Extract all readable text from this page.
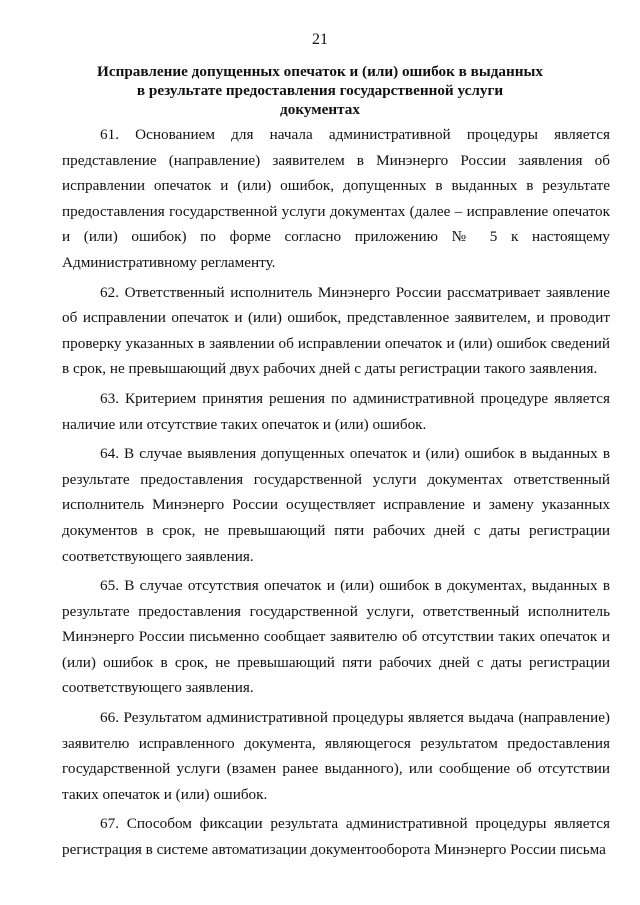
21
Исправление допущенных опечаток и (или) ошибок в выданных в результате предоставления государственной услуги документах

61. Основанием для начала административной процедуры является представление (направление) заявителем в Минэнерго России заявления об исправлении опечаток и (или) ошибок, допущенных в выданных в результате предоставления государственной услуги документах (далее – исправление опечаток и (или) ошибок) по форме согласно приложению № 5 к настоящему Административному регламенту.

62. Ответственный исполнитель Минэнерго России рассматривает заявление об исправлении опечаток и (или) ошибок, представленное заявителем, и проводит проверку указанных в заявлении об исправлении опечаток и (или) ошибок сведений в срок, не превышающий двух рабочих дней с даты регистрации такого заявления.

63. Критерием принятия решения по административной процедуре является наличие или отсутствие таких опечаток и (или) ошибок.

64. В случае выявления допущенных опечаток и (или) ошибок в выданных в результате предоставления государственной услуги документах ответственный исполнитель Минэнерго России осуществляет исправление и замену указанных документов в срок, не превышающий пяти рабочих дней с даты регистрации соответствующего заявления.

65. В случае отсутствия опечаток и (или) ошибок в документах, выданных в результате предоставления государственной услуги, ответственный исполнитель Минэнерго России письменно сообщает заявителю об отсутствии таких опечаток и (или) ошибок в срок, не превышающий пяти рабочих дней с даты регистрации соответствующего заявления.

66. Результатом административной процедуры является выдача (направление) заявителю исправленного документа, являющегося результатом предоставления государственной услуги (взамен ранее выданного), или сообщение об отсутствии таких опечаток и (или) ошибок.

67. Способом фиксации результата административной процедуры является регистрация в системе автоматизации документооборота Минэнерго России письма
